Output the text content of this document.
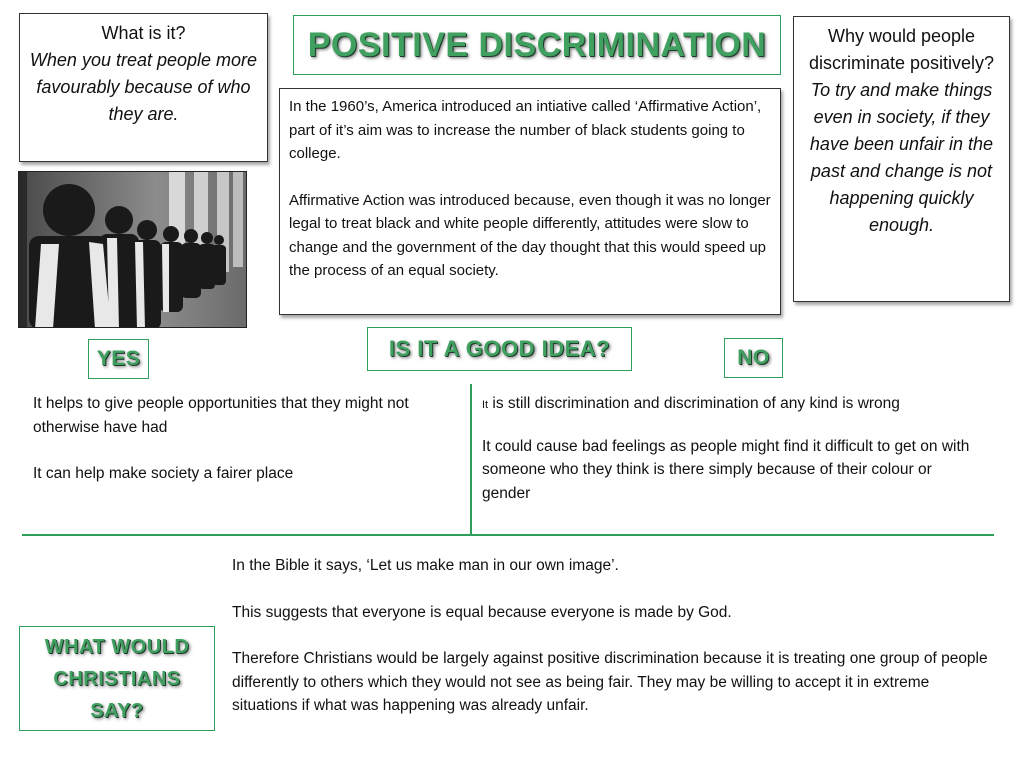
What is it?
When you treat people more favourably because of who they are.
POSITIVE DISCRIMINATION	Why would people discriminate positively?
To try and make things even in society, if they have been unfair in the past and change is not happening quickly enough.

In the 1960’s, America introduced an intiative called ‘Affirmative Action’, part of it’s aim was to increase the number of black students going to college.

Affirmative Action was introduced because, even though it was no longer legal to treat black and white people differently, attitudes were slow to change and the government of the day thought that this would speed up the process of an equal society.

IS IT A GOOD IDEA?
YES	NO

It helps to give people opportunities that they might not otherwise have had

It can help make society a fairer place

It is still discrimination and discrimination of any kind is wrong

It could cause bad feelings as people might find it difficult to get on with someone who they think is there simply because of their colour or gender

WHAT WOULD CHRISTIANS SAY?

In the Bible it says, ‘Let us make man in our own image’.

This suggests that everyone is equal because everyone is made by God.

Therefore Christians would be largely against positive discrimination because it is treating one group of people differently to others which they would not see as being fair. They may be willing to accept it in extreme situations if what was happening was already unfair.
